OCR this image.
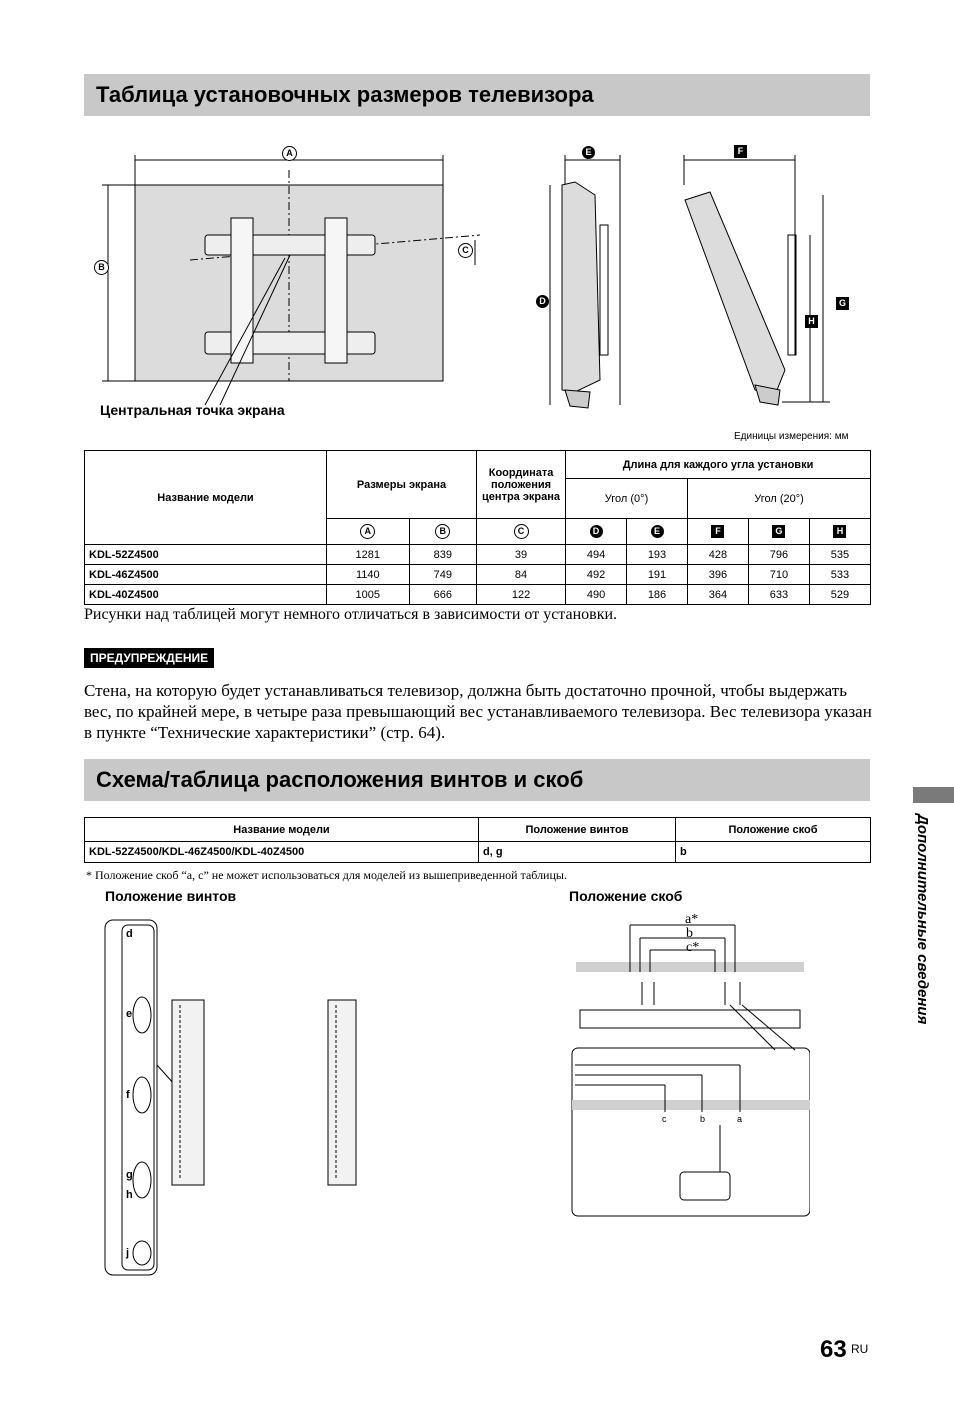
Таблица установочных размеров телевизора
A
B
C
Центральная точка экрана
E
D
F
G
H
Единицы измерения: мм
Название модели	Размеры экрана		Координата положения центра экрана	Длина для каждого угла установки				
				Угол (0°)		Угол (20°)		
	A	B	C	D	E	F	G	H
KDL-52Z4500	1281	839	39	494	193	428	796	535
KDL-46Z4500	1140	749	84	492	191	396	710	533
KDL-40Z4500	1005	666	122	490	186	364	633	529
Рисунки над таблицей могут немного отличаться в зависимости от установки.
ПРЕДУПРЕЖДЕНИЕ
Стена, на которую будет устанавливаться телевизор, должна быть достаточно прочной, чтобы выдержать вес, по крайней мере, в четыре раза превышающий вес устанавливаемого телевизора. Вес телевизора указан в пункте “Технические характеристики” (стр. 64).
Схема/таблица расположения винтов и скоб
Название модели	Положение винтов	Положение скоб
KDL-52Z4500/KDL-46Z4500/KDL-40Z4500	d, g	b
* Положение скоб “a, c” не может использоваться для моделей из вышеприведенной таблицы.
Положение винтов	Положение скоб
d
e
f
g
h
j
a*
b
c*
c	b	a
Дополнительные сведения
63 RU
